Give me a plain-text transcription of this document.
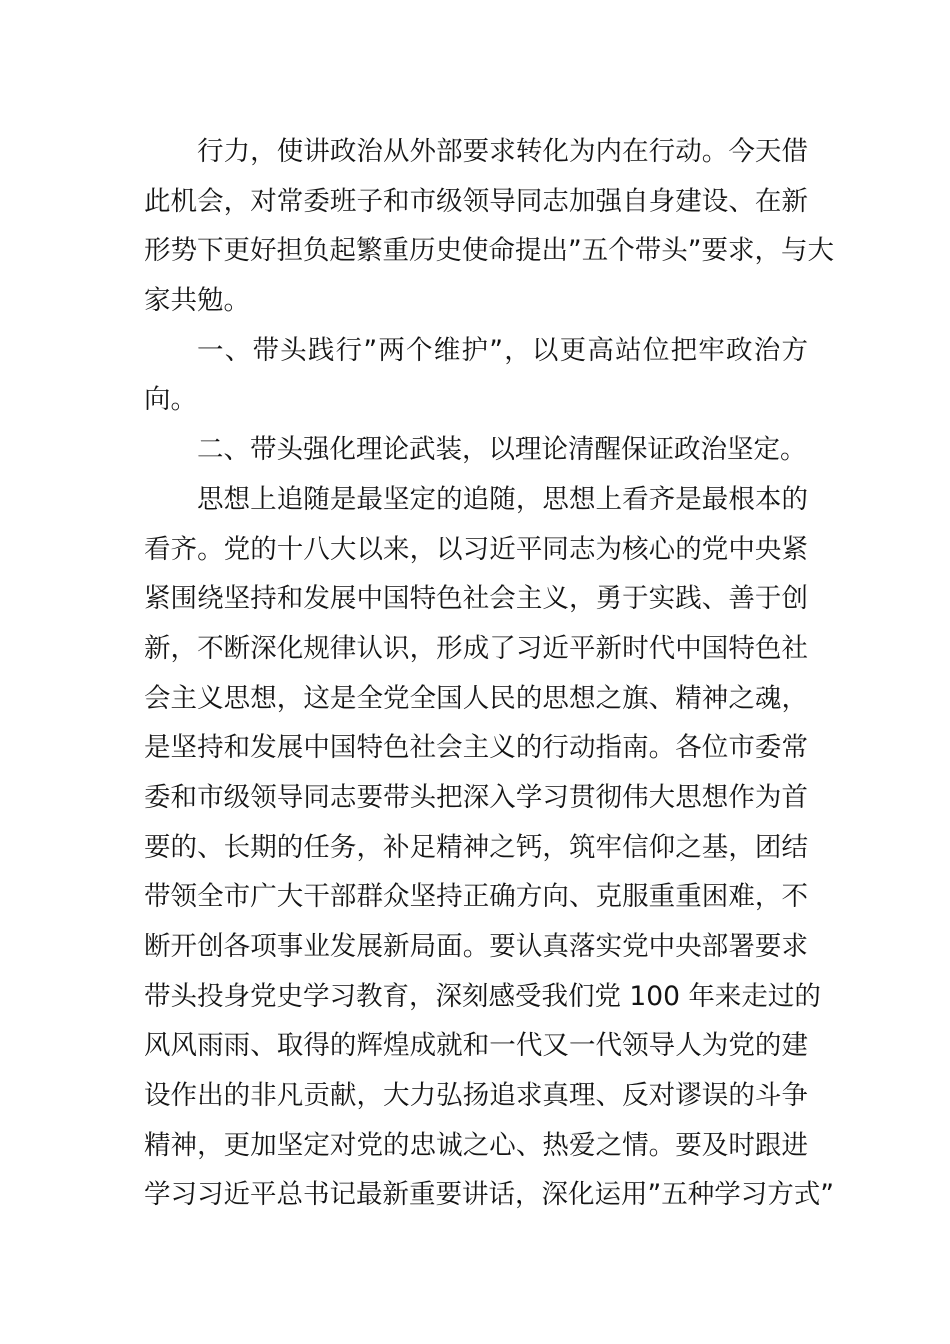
行力，使讲政治从外部要求转化为内在行动。今天借
此机会，对常委班子和市级领导同志加强自身建设、在新
形势下更好担负起繁重历史使命提出”五个带头”要求，与大
家共勉。
一、带头践行”两个维护”，以更高站位把牢政治方
向。
二、带头强化理论武装，以理论清醒保证政治坚定。
思想上追随是最坚定的追随，思想上看齐是最根本的
看齐。党的十八大以来，以习近平同志为核心的党中央紧
紧围绕坚持和发展中国特色社会主义，勇于实践、善于创
新，不断深化规律认识，形成了习近平新时代中国特色社
会主义思想，这是全党全国人民的思想之旗、精神之魂，
是坚持和发展中国特色社会主义的行动指南。各位市委常
委和市级领导同志要带头把深入学习贯彻伟大思想作为首
要的、长期的任务，补足精神之钙，筑牢信仰之基，团结
带领全市广大干部群众坚持正确方向、克服重重困难，不
断开创各项事业发展新局面。要认真落实党中央部署要求
带头投身党史学习教育，深刻感受我们党 100 年来走过的
风风雨雨、取得的辉煌成就和一代又一代领导人为党的建
设作出的非凡贡献，大力弘扬追求真理、反对谬误的斗争
精神，更加坚定对党的忠诚之心、热爱之情。要及时跟进
学习习近平总书记最新重要讲话，深化运用”五种学习方式”
